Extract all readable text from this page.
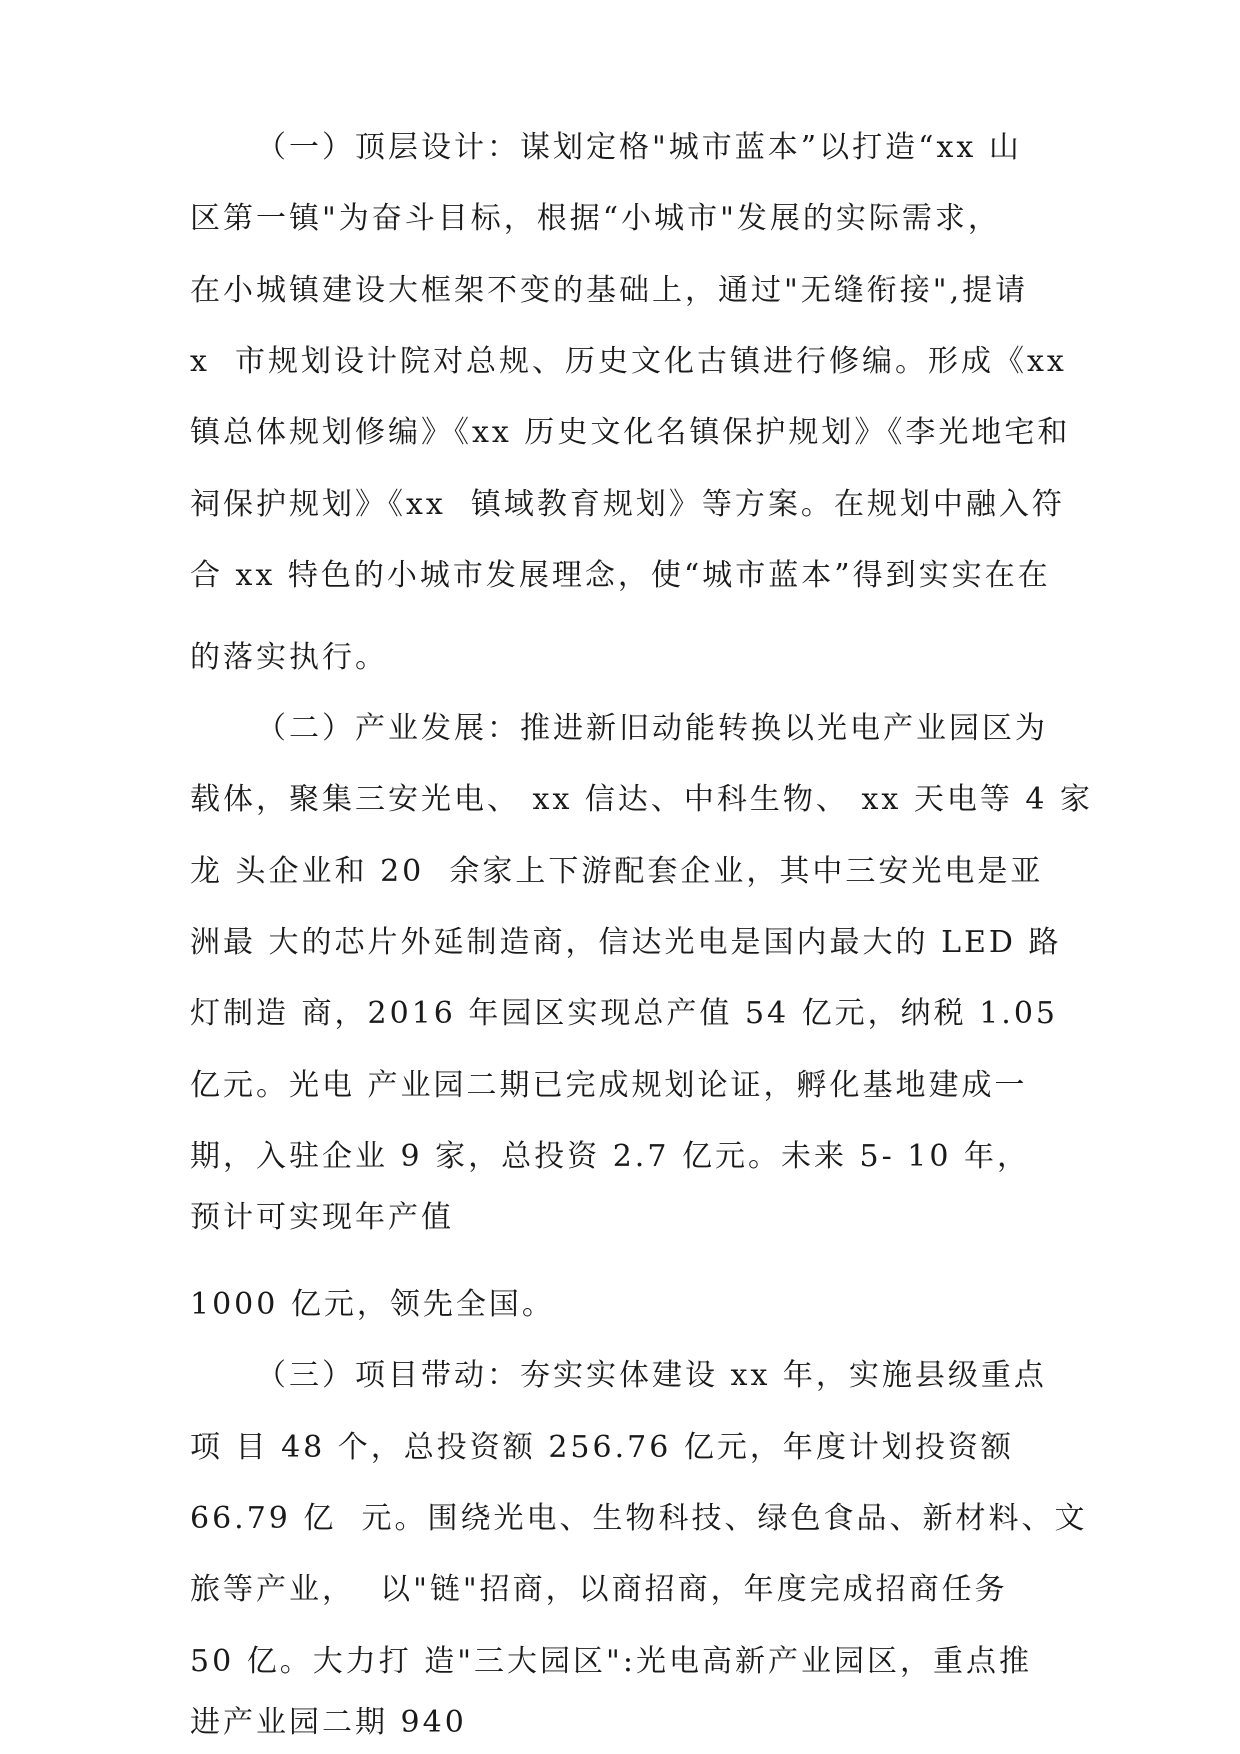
（一）顶层设计：谋划定格"城市蓝本”以打造“xx 山
区第一镇"为奋斗目标，根据“小城市"发展的实际需求，
在小城镇建设大框架不变的基础上，通过"无缝衔接",提请
x  市规划设计院对总规、历史文化古镇进行修编。形成《xx
镇总体规划修编》《xx 历史文化名镇保护规划》《李光地宅和
祠保护规划》《xx  镇域教育规划》等方案。在规划中融入符
合 xx 特色的小城市发展理念，使“城市蓝本”得到实实在在
的落实执行。
（二）产业发展：推进新旧动能转换以光电产业园区为
载体，聚集三安光电、 xx 信达、中科生物、 xx 天电等 4 家
龙 头企业和 20  余家上下游配套企业，其中三安光电是亚
洲最 大的芯片外延制造商，信达光电是国内最大的 LED 路
灯制造 商，2016 年园区实现总产值 54 亿元，纳税 1.05
亿元。光电 产业园二期已完成规划论证，孵化基地建成一
期，入驻企业 9 家，总投资 2.7 亿元。未来 5- 10 年，
预计可实现年产值
1000 亿元，领先全国。
（三）项目带动：夯实实体建设 xx 年，实施县级重点
项 目 48 个，总投资额 256.76 亿元，年度计划投资额
66.79 亿  元。围绕光电、生物科技、绿色食品、新材料、文
旅等产业，  以"链"招商，以商招商，年度完成招商任务
50 亿。大力打 造"三大园区":光电高新产业园区，重点推
进产业园二期 940
